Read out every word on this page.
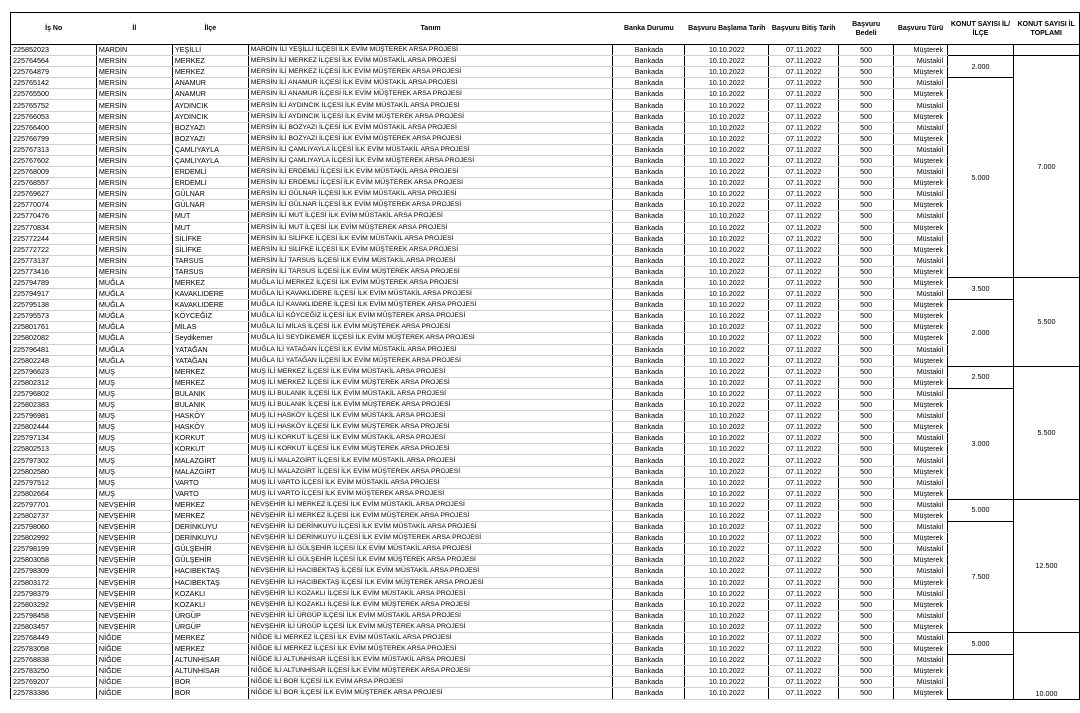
İş No	İl	İlçe	Tanım	Banka Durumu	Başvuru Başlama Tarih	Başvuru Bitiş Tarih	Başvuru Bedeli	Başvuru Türü	KONUT SAYISI İL/İLÇE	KONUT SAYISI İL TOPLAMI
225852023	MARDİN	YEŞİLLİ	MARDİN İLİ YEŞİLLİ İLÇESİ İLK EVİM MÜŞTEREK ARSA PROJESİ	Bankada	10.10.2022	07.11.2022	500	Müşterek		
225764564	MERSİN	MERKEZ	MERSİN İLİ MERKEZ İLÇESİ İLK EVİM MÜSTAKİL ARSA PROJESİ	Bankada	10.10.2022	07.11.2022	500	Müstakil	2.000	7.000
225764879	MERSİN	MERKEZ	MERSİN İLİ MERKEZ İLÇESİ İLK EVİM MÜŞTEREK ARSA PROJESİ	Bankada	10.10.2022	07.11.2022	500	Müşterek		
225765142	MERSİN	ANAMUR	MERSİN İLİ ANAMUR İLÇESİ İLK EVİM MÜSTAKİL ARSA PROJESİ	Bankada	10.10.2022	07.11.2022	500	Müstakil	5.000	
225765500	MERSİN	ANAMUR	MERSİN İLİ ANAMUR İLÇESİ İLK EVİM MÜŞTEREK ARSA PROJESİ	Bankada	10.10.2022	07.11.2022	500	Müşterek		
225765752	MERSİN	AYDINCIK	MERSİN İLİ AYDINCIK İLÇESİ İLK EVİM MÜSTAKİL ARSA PROJESİ	Bankada	10.10.2022	07.11.2022	500	Müstakil		
225766053	MERSİN	AYDINCIK	MERSİN İLİ AYDINCIK İLÇESİ İLK EVİM MÜŞTEREK ARSA PROJESİ	Bankada	10.10.2022	07.11.2022	500	Müşterek		
225766400	MERSİN	BOZYAZI	MERSİN İLİ BOZYAZI İLÇESİ İLK EVİM MÜSTAKİL ARSA PROJESİ	Bankada	10.10.2022	07.11.2022	500	Müstakil		
225766799	MERSİN	BOZYAZI	MERSİN İLİ BOZYAZI İLÇESİ İLK EVİM MÜŞTEREK ARSA PROJESİ	Bankada	10.10.2022	07.11.2022	500	Müşterek		
225767313	MERSİN	ÇAMLIYAYLA	MERSİN İLİ ÇAMLIYAYLA İLÇESİ İLK EVİM MÜSTAKİL ARSA PROJESİ	Bankada	10.10.2022	07.11.2022	500	Müstakil		
225767602	MERSİN	ÇAMLIYAYLA	MERSİN İLİ ÇAMLIYAYLA İLÇESİ İLK EVİM MÜŞTEREK ARSA PROJESİ	Bankada	10.10.2022	07.11.2022	500	Müşterek		
225768009	MERSİN	ERDEMLİ	MERSİN İLİ ERDEMLİ İLÇESİ İLK EVİM MÜSTAKİL ARSA PROJESİ	Bankada	10.10.2022	07.11.2022	500	Müstakil		
225768557	MERSİN	ERDEMLİ	MERSİN İLİ ERDEMLİ İLÇESİ İLK EVİM MÜŞTEREK ARSA PROJESİ	Bankada	10.10.2022	07.11.2022	500	Müşterek		
225769627	MERSİN	GÜLNAR	MERSİN İLİ GÜLNAR İLÇESİ İLK EVİM MÜSTAKİL ARSA PROJESİ	Bankada	10.10.2022	07.11.2022	500	Müstakil		
225770074	MERSİN	GÜLNAR	MERSİN İLİ GÜLNAR İLÇESİ İLK EVİM MÜŞTEREK ARSA PROJESİ	Bankada	10.10.2022	07.11.2022	500	Müşterek		
225770476	MERSİN	MUT	MERSİN İLİ MUT İLÇESİ İLK EVİM MÜSTAKİL ARSA PROJESİ	Bankada	10.10.2022	07.11.2022	500	Müstakil		
225770834	MERSİN	MUT	MERSİN İLİ MUT İLÇESİ İLK EVİM MÜŞTEREK ARSA PROJESİ	Bankada	10.10.2022	07.11.2022	500	Müşterek		
225772244	MERSİN	SİLİFKE	MERSİN İLİ SİLİFKE İLÇESİ İLK EVİM MÜSTAKİL ARSA PROJESİ	Bankada	10.10.2022	07.11.2022	500	Müstakil		
225772722	MERSİN	SİLİFKE	MERSİN İLİ SİLİFKE İLÇESİ İLK EVİM MÜŞTEREK ARSA PROJESİ	Bankada	10.10.2022	07.11.2022	500	Müşterek		
225773137	MERSİN	TARSUS	MERSİN İLİ TARSUS İLÇESİ İLK EVİM MÜSTAKİL ARSA PROJESİ	Bankada	10.10.2022	07.11.2022	500	Müstakil		
225773416	MERSİN	TARSUS	MERSİN İLİ TARSUS İLÇESİ İLK EVİM MÜŞTEREK ARSA PROJESİ	Bankada	10.10.2022	07.11.2022	500	Müşterek		
225794789	MUĞLA	MERKEZ	MUĞLA İLİ MERKEZ İLÇESİ İLK EVİM MÜŞTEREK ARSA PROJESİ	Bankada	10.10.2022	07.11.2022	500	Müşterek	3.500	5.500
225794917	MUĞLA	KAVAKLIDERE	MUĞLA İLİ KAVAKLIDERE İLÇESİ İLK EVİM MÜSTAKİL ARSA PROJESİ	Bankada	10.10.2022	07.11.2022	500	Müstakil		
225795138	MUĞLA	KAVAKLIDERE	MUĞLA İLİ KAVAKLIDERE İLÇESİ İLK EVİM MÜŞTEREK ARSA PROJESİ	Bankada	10.10.2022	07.11.2022	500	Müşterek	2.000	
225795573	MUĞLA	KÖYCEĞİZ	MUĞLA İLİ KÖYCEĞİZ İLÇESİ İLK EVİM MÜŞTEREK ARSA PROJESİ	Bankada	10.10.2022	07.11.2022	500	Müşterek		
225801761	MUĞLA	MİLAS	MUĞLA İLİ MİLAS İLÇESİ İLK EVİM MÜŞTEREK ARSA PROJESİ	Bankada	10.10.2022	07.11.2022	500	Müşterek		
225802082	MUĞLA	Seydikemer	MUĞLA İLİ SEYDİKEMER İLÇESİ İLK EVİM MÜŞTEREK ARSA PROJESİ	Bankada	10.10.2022	07.11.2022	500	Müşterek		
225796481	MUĞLA	YATAĞAN	MUĞLA İLİ YATAĞAN İLÇESİ İLK EVİM MÜSTAKİL ARSA PROJESİ	Bankada	10.10.2022	07.11.2022	500	Müstakil		
225802248	MUĞLA	YATAĞAN	MUĞLA İLİ YATAĞAN İLÇESİ İLK EVİM MÜŞTEREK ARSA PROJESİ	Bankada	10.10.2022	07.11.2022	500	Müşterek		
225796623	MUŞ	MERKEZ	MUŞ İLİ MERKEZ İLÇESİ İLK EVİM MÜSTAKİL ARSA PROJESİ	Bankada	10.10.2022	07.11.2022	500	Müstakil	2.500	5.500
225802312	MUŞ	MERKEZ	MUŞ İLİ MERKEZ İLÇESİ İLK EVİM MÜŞTEREK ARSA PROJESİ	Bankada	10.10.2022	07.11.2022	500	Müşterek		
225796802	MUŞ	BULANIK	MUŞ İLİ BULANIK İLÇESİ İLK EVİM MÜSTAKİL ARSA PROJESİ	Bankada	10.10.2022	07.11.2022	500	Müstakil	3.000	
225802383	MUŞ	BULANIK	MUŞ İLİ BULANIK İLÇESİ İLK EVİM MÜŞTEREK ARSA PROJESİ	Bankada	10.10.2022	07.11.2022	500	Müşterek		
225796981	MUŞ	HASKÖY	MUŞ İLİ HASKÖY İLÇESİ İLK EVİM MÜSTAKİL ARSA PROJESİ	Bankada	10.10.2022	07.11.2022	500	Müstakil		
225802444	MUŞ	HASKÖY	MUŞ İLİ HASKÖY İLÇESİ İLK EVİM MÜŞTEREK ARSA PROJESİ	Bankada	10.10.2022	07.11.2022	500	Müşterek		
225797134	MUŞ	KORKUT	MUŞ İLİ KORKUT İLÇESİ İLK EVİM MÜSTAKİL ARSA PROJESİ	Bankada	10.10.2022	07.11.2022	500	Müstakil		
225802513	MUŞ	KORKUT	MUŞ İLİ KORKUT İLÇESİ İLK EVİM MÜŞTEREK ARSA PROJESİ	Bankada	10.10.2022	07.11.2022	500	Müşterek		
225797302	MUŞ	MALAZGİRT	MUŞ İLİ MALAZGİRT İLÇESİ İLK EVİM MÜSTAKİL ARSA PROJESİ	Bankada	10.10.2022	07.11.2022	500	Müstakil		
225802580	MUŞ	MALAZGİRT	MUŞ İLİ MALAZGİRT İLÇESİ İLK EVİM MÜŞTEREK ARSA PROJESİ	Bankada	10.10.2022	07.11.2022	500	Müşterek		
225797512	MUŞ	VARTO	MUŞ İLİ VARTO İLÇESİ İLK EVİM MÜSTAKİL ARSA PROJESİ	Bankada	10.10.2022	07.11.2022	500	Müstakil		
225802664	MUŞ	VARTO	MUŞ İLİ VARTO İLÇESİ İLK EVİM MÜŞTEREK ARSA PROJESİ	Bankada	10.10.2022	07.11.2022	500	Müşterek		
225797701	NEVŞEHİR	MERKEZ	NEVŞEHİR İLİ MERKEZ İLÇESİ İLK EVİM MÜSTAKİL ARSA PROJESİ	Bankada	10.10.2022	07.11.2022	500	Müstakil	5.000	12.500
225802737	NEVŞEHİR	MERKEZ	NEVŞEHİR İLİ MERKEZ İLÇESİ İLK EVİM MÜŞTEREK ARSA PROJESİ	Bankada	10.10.2022	07.11.2022	500	Müşterek		
225798060	NEVŞEHİR	DERİNKUYU	NEVŞEHİR İLİ DERİNKUYU İLÇESİ İLK EVİM MÜSTAKİL ARSA PROJESİ	Bankada	10.10.2022	07.11.2022	500	Müstakil	7.500	
225802992	NEVŞEHİR	DERİNKUYU	NEVŞEHİR İLİ DERİNKUYU İLÇESİ İLK EVİM MÜŞTEREK ARSA PROJESİ	Bankada	10.10.2022	07.11.2022	500	Müşterek		
225798199	NEVŞEHİR	GÜLŞEHİR	NEVŞEHİR İLİ GÜLŞEHİR İLÇESİ İLK EVİM MÜSTAKİL ARSA PROJESİ	Bankada	10.10.2022	07.11.2022	500	Müstakil		
225803058	NEVŞEHİR	GÜLŞEHİR	NEVŞEHİR İLİ GÜLŞEHİR İLÇESİ İLK EVİM MÜŞTEREK ARSA PROJESİ	Bankada	10.10.2022	07.11.2022	500	Müşterek		
225798309	NEVŞEHİR	HACIBEKTAŞ	NEVŞEHİR İLİ HACIBEKTAŞ İLÇESİ İLK EVİM MÜSTAKİL ARSA PROJESİ	Bankada	10.10.2022	07.11.2022	500	Müstakil		
225803172	NEVŞEHİR	HACIBEKTAŞ	NEVŞEHİR İLİ HACIBEKTAŞ İLÇESİ İLK EVİM MÜŞTEREK ARSA PROJESİ	Bankada	10.10.2022	07.11.2022	500	Müşterek		
225798379	NEVŞEHİR	KOZAKLI	NEVŞEHİR İLİ KOZAKLI İLÇESİ İLK EVİM MÜSTAKİL ARSA PROJESİ	Bankada	10.10.2022	07.11.2022	500	Müstakil		
225803292	NEVŞEHİR	KOZAKLI	NEVŞEHİR İLİ KOZAKLI İLÇESİ İLK EVİM MÜŞTEREK ARSA PROJESİ	Bankada	10.10.2022	07.11.2022	500	Müşterek		
225798458	NEVŞEHİR	ÜRGÜP	NEVŞEHİR İLİ ÜRGÜP İLÇESİ İLK EVİM MÜSTAKİL ARSA PROJESİ	Bankada	10.10.2022	07.11.2022	500	Müstakil		
225803457	NEVŞEHİR	ÜRGÜP	NEVŞEHİR İLİ ÜRGÜP İLÇESİ İLK EVİM MÜŞTEREK ARSA PROJESİ	Bankada	10.10.2022	07.11.2022	500	Müşterek		
225768449	NİĞDE	MERKEZ	NİĞDE İLİ MERKEZ İLÇESİ İLK EVİM MÜSTAKİL ARSA PROJESİ	Bankada	10.10.2022	07.11.2022	500	Müstakil	5.000	10.000
225783058	NİĞDE	MERKEZ	NİĞDE İLİ MERKEZ İLÇESİ İLK EVİM MÜŞTEREK ARSA PROJESİ	Bankada	10.10.2022	07.11.2022	500	Müşterek		
225768838	NİĞDE	ALTUNHİSAR	NİĞDE İLİ ALTUNHİSAR İLÇESİ İLK EVİM MÜSTAKİL ARSA PROJESİ	Bankada	10.10.2022	07.11.2022	500	Müstakil		
225783250	NİĞDE	ALTUNHİSAR	NİĞDE İLİ ALTUNHİSAR İLÇESİ İLK EVİM MÜŞTEREK ARSA PROJESİ	Bankada	10.10.2022	07.11.2022	500	Müşterek		
225769207	NİĞDE	BOR	NİĞDE İLİ BOR İLÇESİ İLK EVİM ARSA PROJESİ	Bankada	10.10.2022	07.11.2022	500	Müstakil		
225783386	NİĞDE	BOR	NİĞDE İLİ BOR İLÇESİ İLK EVİM MÜŞTEREK ARSA PROJESİ	Bankada	10.10.2022	07.11.2022	500	Müşterek		
